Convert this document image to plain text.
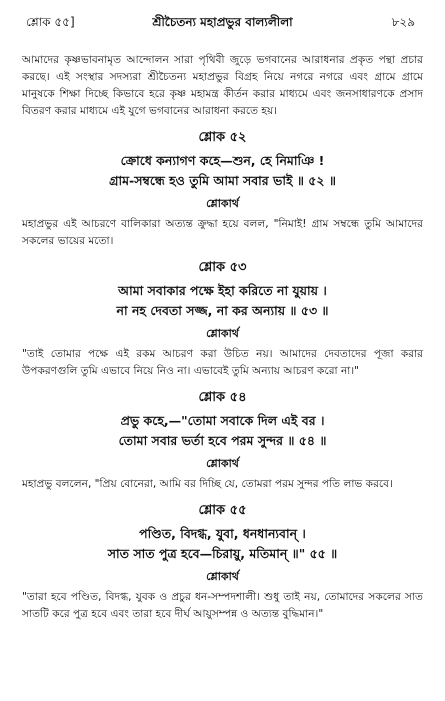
শ্লোক ৫৫]	শ্রীচৈতন্য মহাপ্রভুর বাল্যলীলা	৮২৯

আমাদের কৃষ্ণভাবনামৃত আন্দোলন সারা পৃথিবী জুড়ে ভগবানের আরাধনার প্রকৃত পন্থা প্রচার করছে। এই সংস্থার সদস্যরা শ্রীচৈতন্য মহাপ্রভুর বিগ্রহ নিয়ে নগরে নগরে এবং গ্রামে গ্রামে মানুষকে শিক্ষা দিচ্ছে কিভাবে হরে কৃষ্ণ মহামন্ত্র কীর্তন করার মাধ্যমে এবং জনসাধারণকে প্রসাদ বিতরণ করার মাধ্যমে এই যুগে ভগবানের আরাধনা করতে হয়।

শ্লোক ৫২
ক্রোধে কন্যাগণ কহে—শুন, হে নিমাঞি !
গ্রাম-সম্বন্ধে হও তুমি আমা সবার ভাই ॥ ৫২ ॥
শ্লোকার্থ

মহাপ্রভুর এই আচরণে বালিকারা অত্যন্ত ক্রুদ্ধা হয়ে বলল, "নিমাই! গ্রাম সম্বন্ধে তুমি আমাদের সকলের ভায়ের মতো।

শ্লোক ৫৩
আমা সবাকার পক্ষে ইহা করিতে না যুয়ায় ।
না নহ দেবতা সজ্জ, না কর অন্যায় ॥ ৫৩ ॥
শ্লোকার্থ

"তাই তোমার পক্ষে এই রকম আচরণ করা উচিত নয়। আমাদের দেবতাদের পূজা করার উপকরণগুলি তুমি এভাবে নিয়ে নিও না। এভাবেই তুমি অন্যায় আচরণ করো না।"

শ্লোক ৫৪
প্রভু কহে,—"তোমা সবাকে দিল এই বর ।
তোমা সবার ভর্তা হবে পরম সুন্দর ॥ ৫৪ ॥
শ্লোকার্থ

মহাপ্রভু বললেন, "প্রিয় বোনেরা, আমি বর দিচ্ছি যে, তোমরা পরম সুন্দর পতি লাভ করবে।

শ্লোক ৫৫
পণ্ডিত, বিদগ্ধ, যুবা, ধনধান্যবান্ ।
সাত সাত পুত্র হবে—চিরায়ু, মতিমান্ ॥" ৫৫ ॥
শ্লোকার্থ

"তারা হবে পণ্ডিত, বিদগ্ধ, যুবক ও প্রচুর ধন-সম্পদশালী। শুধু তাই নয়, তোমাদের সকলের সাত সাতটি করে পুত্র হবে এবং তারা হবে দীর্ঘ আয়ুসম্পন্ন ও অত্যন্ত বুদ্ধিমান।"
